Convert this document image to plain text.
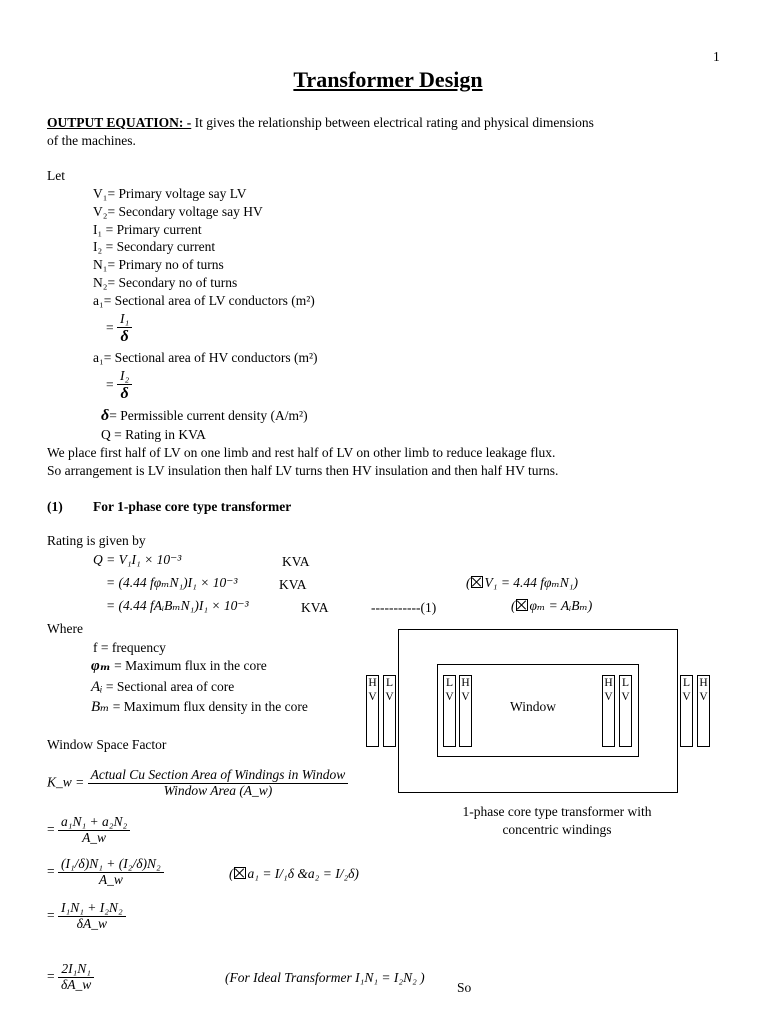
1
Transformer Design
OUTPUT EQUATION: - It gives the relationship between electrical rating and physical dimensions
of the machines.
Let
V₁= Primary voltage say LV
V₂= Secondary voltage say HV
I₁ = Primary current
I₂ = Secondary current
N₁= Primary no of turns
N₂= Secondary no of turns
a₁= Sectional area of LV conductors (m²)
= $\frac{\text{I₁}}{\delta}$
a₁= Sectional area of HV conductors (m²)
= $\frac{\text{I₂}}{\delta}$
δ= Permissible current density (A/m²)
Q = Rating in KVA
We place first half of LV on one limb and rest half of LV on other limb to reduce leakage flux.
So arrangement is LV insulation then half LV turns then HV insulation and then half HV turns.
(1) For 1-phase core type transformer
Rating is given by
Q = V₁I₁ × 10⁻³	KVA
= (4.44 fφₘN₁)I₁ × 10⁻³	KVA	( V₁ = 4.44 fφₘN₁)
= (4.44 fAᵢBₘN₁)I₁ × 10⁻³	KVA	-----------(1)	( φₘ = AᵢBₘ)
Where
f = frequency
φₘ = Maximum flux in the core
Aᵢ = Sectional area of core
Bₘ = Maximum flux density in the core
Window Space Factor
K_w = $\frac{\text{Actual Cu Section Area of Windings in Window}}{\text{Window Area (A\_w)}}$
= $\frac{\text{a₁N₁ + a₂N₂}}{A\_w}$
= $\frac{\text{(I₁/δ)N₁ + (I₂/δ)N₂}}{A\_w}$	( a₁ = I/₁δ &a₂ = I/₂δ)
= $\frac{\text{I₁N₁ + I₂N₂}}{\delta A\_w}$
= $\frac{\text{2I₁N₁}}{\delta A\_w}$	(For Ideal Transformer I₁N₁ = I₂N₂ )
So
Window
H
V
L
V
L
V
H
V
H
V
L
V
L
V
H
V
1-phase core type transformer with
concentric windings
